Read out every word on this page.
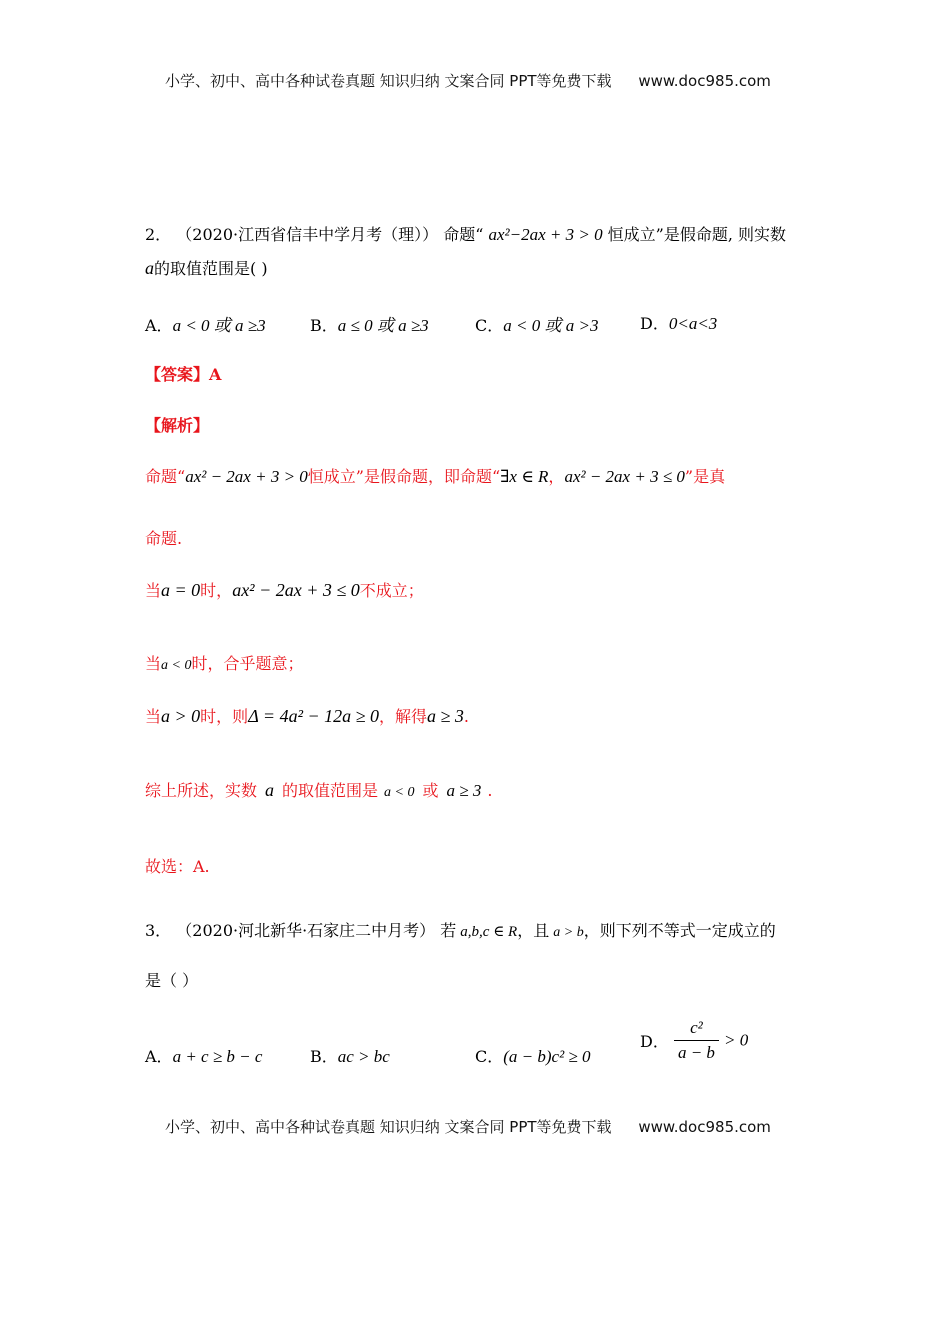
小学、初中、高中各种试卷真题 知识归纳 文案合同 PPT等免费下载 www.doc985.com
2． （2020·江西省信丰中学月考（理）） 命题“ ax²−2ax + 3 > 0 恒成立”是假命题, 则实数
a的取值范围是( )
A．a < 0 或 a ≥3	B．a ≤ 0 或 a ≥3	C．a < 0 或 a >3	D．0<a<3
【答案】A
【解析】
命题“ax² − 2ax + 3 > 0恒成立”是假命题，即命题“∃x ∈ R，ax² − 2ax + 3 ≤ 0”是真
命题.
当a = 0时，ax² − 2ax + 3 ≤ 0不成立；
当a < 0时，合乎题意；
当a > 0时，则Δ = 4a² − 12a ≥ 0，解得a ≥ 3.
综上所述，实数 a 的取值范围是 a < 0 或 a ≥ 3 .
故选：A.
3． （2020·河北新华·石家庄二中月考） 若 a,b,c ∈ R，且 a > b，则下列不等式一定成立的
是（ ）
A．a + c ≥ b − c	B．ac > bc	C．(a − b)c² ≥ 0
D． $\frac{\text{c²}}{a - b} > 0$
小学、初中、高中各种试卷真题 知识归纳 文案合同 PPT等免费下载 www.doc985.com
